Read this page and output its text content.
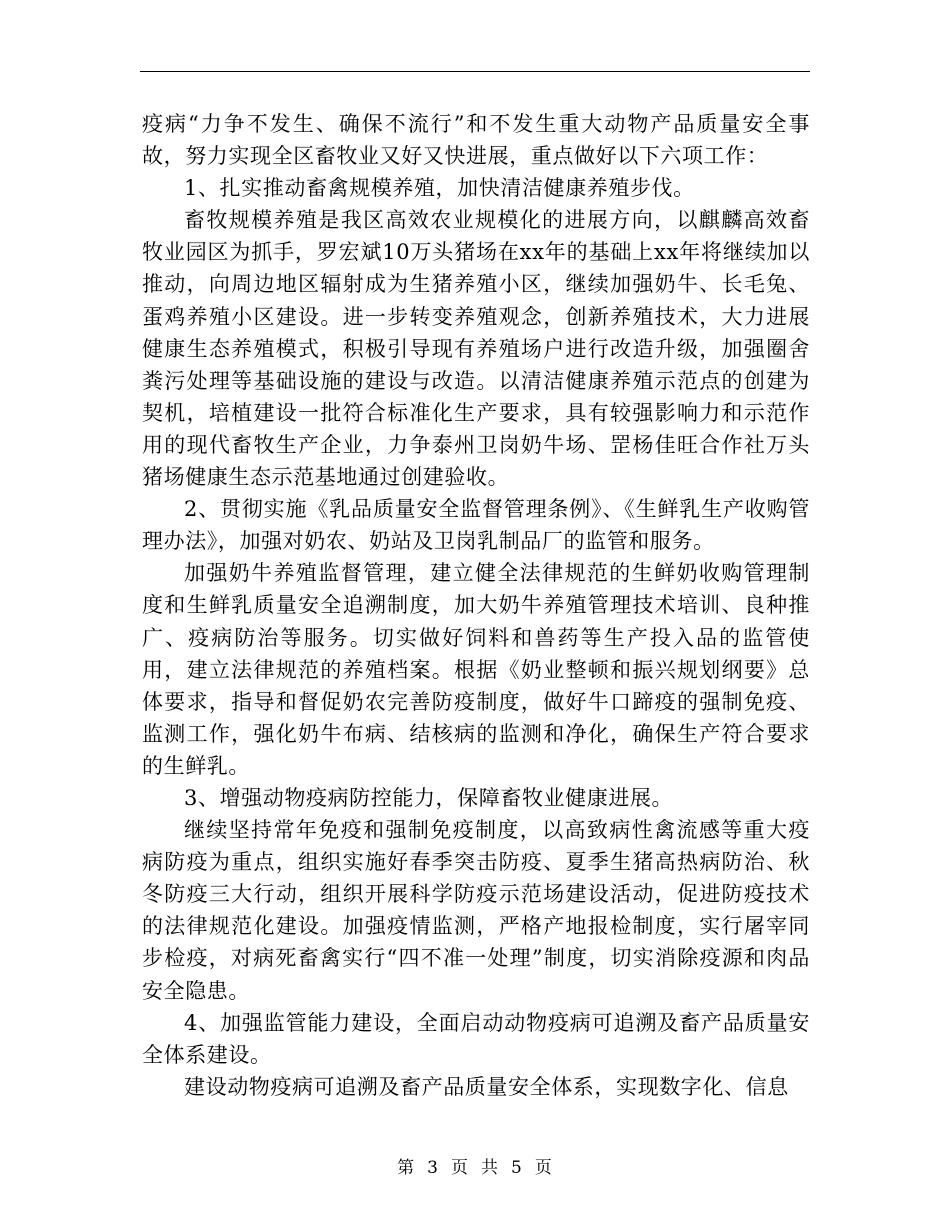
疫病“力争不发生、确保不流行”和不发生重大动物产品质量安全事故，努力实现全区畜牧业又好又快进展，重点做好以下六项工作：

1、扎实推动畜禽规模养殖，加快清洁健康养殖步伐。

畜牧规模养殖是我区高效农业规模化的进展方向，以麒麟高效畜牧业园区为抓手，罗宏斌10万头猪场在xx年的基础上xx年将继续加以推动，向周边地区辐射成为生猪养殖小区，继续加强奶牛、长毛兔、蛋鸡养殖小区建设。进一步转变养殖观念，创新养殖技术，大力进展健康生态养殖模式，积极引导现有养殖场户进行改造升级，加强圈舍粪污处理等基础设施的建设与改造。以清洁健康养殖示范点的创建为契机，培植建设一批符合标准化生产要求，具有较强影响力和示范作用的现代畜牧生产企业，力争泰州卫岗奶牛场、罡杨佳旺合作社万头猪场健康生态示范基地通过创建验收。

2、贯彻实施《乳品质量安全监督管理条例》、《生鲜乳生产收购管理办法》，加强对奶农、奶站及卫岗乳制品厂的监管和服务。

加强奶牛养殖监督管理，建立健全法律规范的生鲜奶收购管理制度和生鲜乳质量安全追溯制度，加大奶牛养殖管理技术培训、良种推广、疫病防治等服务。切实做好饲料和兽药等生产投入品的监管使用，建立法律规范的养殖档案。根据《奶业整顿和振兴规划纲要》总体要求，指导和督促奶农完善防疫制度，做好牛口蹄疫的强制免疫、监测工作，强化奶牛布病、结核病的监测和净化，确保生产符合要求的生鲜乳。

3、增强动物疫病防控能力，保障畜牧业健康进展。

继续坚持常年免疫和强制免疫制度，以高致病性禽流感等重大疫病防疫为重点，组织实施好春季突击防疫、夏季生猪高热病防治、秋冬防疫三大行动，组织开展科学防疫示范场建设活动，促进防疫技术的法律规范化建设。加强疫情监测，严格产地报检制度，实行屠宰同步检疫，对病死畜禽实行“四不准一处理”制度，切实消除疫源和肉品安全隐患。

4、加强监管能力建设，全面启动动物疫病可追溯及畜产品质量安全体系建设。

建设动物疫病可追溯及畜产品质量安全体系，实现数字化、信息

第 3 页 共 5 页
